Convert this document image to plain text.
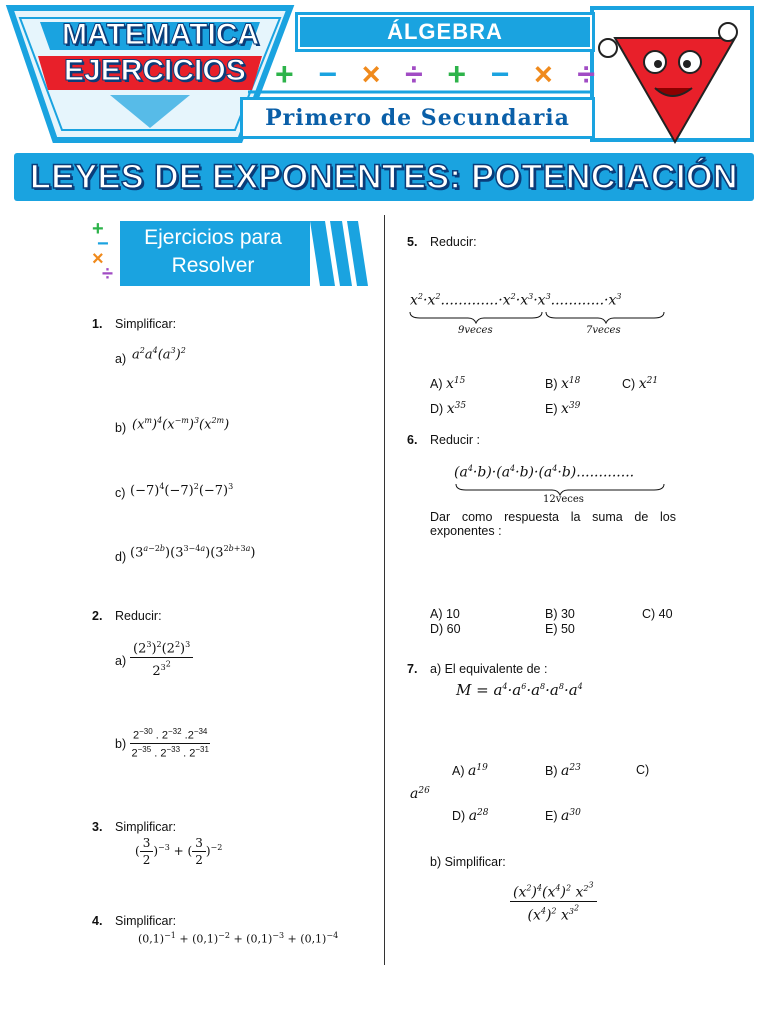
MATEMATICA
EJERCICIOS
ÁLGEBRA
+ − × ÷ + − × ÷
Primero de Secundaria
LEYES DE EXPONENTES: POTENCIACIÓN
Ejercicios para
Resolver
+
−
×
÷
1. Simplificar:
a) $a^2a^4(a^3)^2$
b) $(x^m)^4(x^{-m})^3(x^{2m})$
c) $(-7)^4(-7)^2(-7)^3$
d) $(3^{a-2b})(3^{3-4a})(3^{2b+3a})$
2. Reducir:
$a) \frac{(2^3)^2(2^2)^3}{2^{3^2}}$
$b) \frac{2^{-30} . 2^{-32} .2^{-34}}{2^{-35} . 2^{-33} . 2^{-31}}$
3. Simplificar:
( $\frac{3}{2} )^{-3}$ + ( $\frac{3}{2} )^{-2}$
4. Simplificar:
$(0,1)^{-1} + (0,1)^{-2} + (0,1)^{-3} + (0,1)^{-4}$
5. Reducir:
$x^2\cdot x^2.............\cdot x^2\cdot x^3\cdot x^3............\cdot x^3$
9veces	7veces
A) $x^{15}$	B) $x^{18}$	C) $x^{21}$
D) $x^{35}$	E) $x^{39}$
6. Reducir :
$(a^4\cdot b)\cdot(a^4\cdot b)\cdot(a^4\cdot b)$.............
12veces
Dar como respuesta la suma de los exponentes :
A) 10	B) 30	C) 40
D) 60	E) 50
7. a) El equivalente de :
$M = a^4\cdot a^6\cdot a^8\cdot a^8\cdot a^4$
A) $a^{19}$	B) $a^{23}$	C)
$a^{26}$
D) $a^{28}$	E) $a^{30}$
b) Simplificar:
$\frac{(x^2)^4(x^4)^2 x^{2^3}}{(x^4)^2 x^{3^2}}$
